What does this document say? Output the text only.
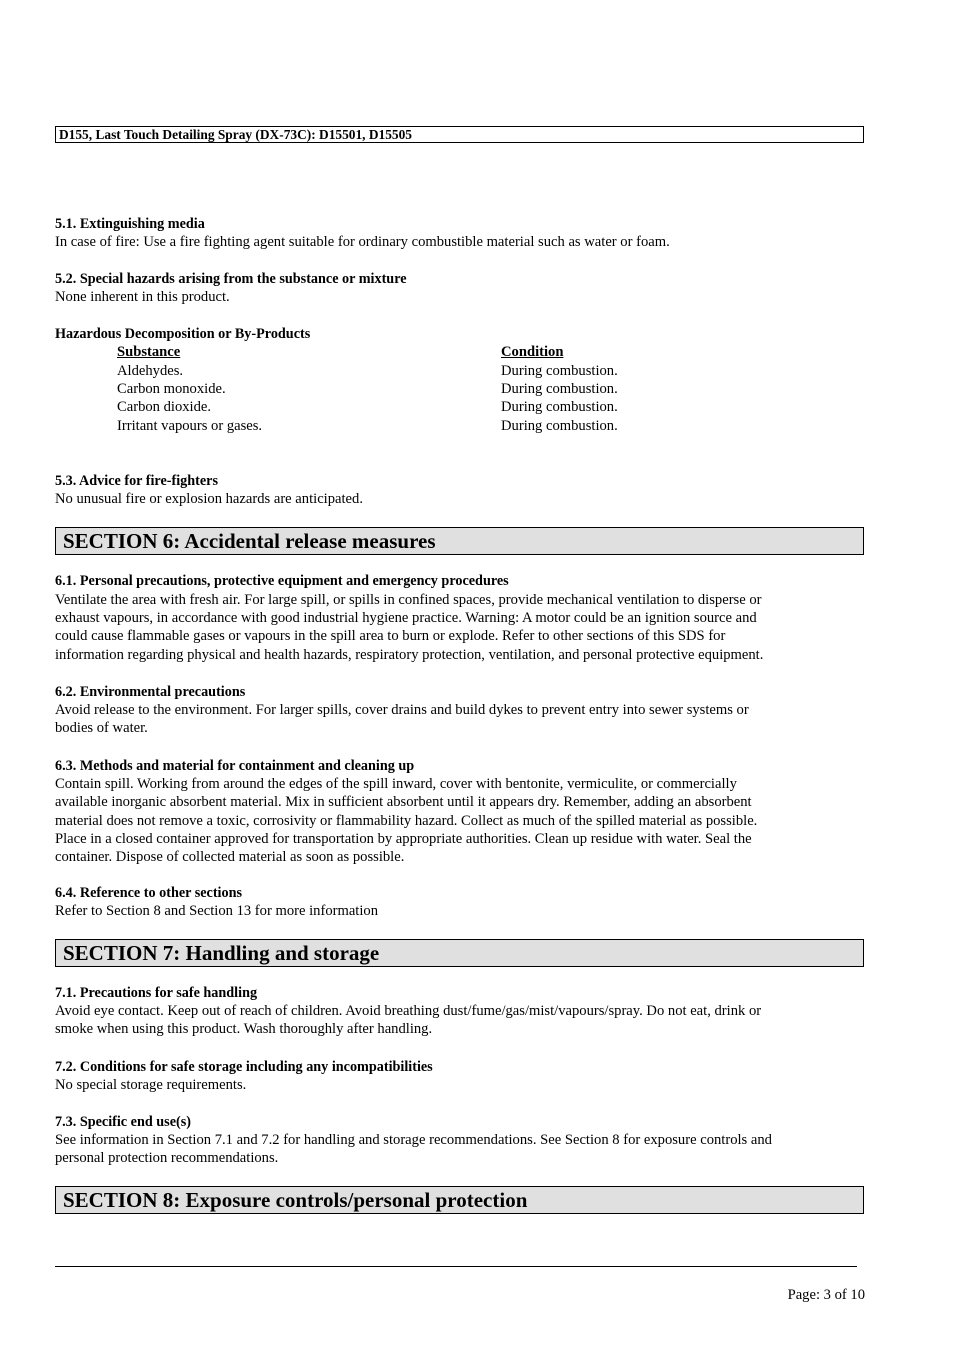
D155, Last Touch Detailing Spray (DX-73C): D15501, D15505
5.1. Extinguishing media
In case of fire: Use a fire fighting agent suitable for ordinary combustible material such as water or foam.
5.2. Special hazards arising from the substance or mixture
None inherent in this product.
Hazardous Decomposition or By-Products
Substance	Condition
Aldehydes.	During combustion.
Carbon monoxide.	During combustion.
Carbon dioxide.	During combustion.
Irritant vapours or gases.	During combustion.
5.3. Advice for fire-fighters
No unusual fire or explosion hazards are anticipated.
SECTION 6: Accidental release measures
6.1. Personal precautions, protective equipment and emergency procedures
Ventilate the area with fresh air. For large spill, or spills in confined spaces, provide mechanical ventilation to disperse or
exhaust vapours, in accordance with good industrial hygiene practice. Warning: A motor could be an ignition source and
could cause flammable gases or vapours in the spill area to burn or explode. Refer to other sections of this SDS for
information regarding physical and health hazards, respiratory protection, ventilation, and personal protective equipment.
6.2. Environmental precautions
Avoid release to the environment. For larger spills, cover drains and build dykes to prevent entry into sewer systems or
bodies of water.
6.3. Methods and material for containment and cleaning up
Contain spill. Working from around the edges of the spill inward, cover with bentonite, vermiculite, or commercially
available inorganic absorbent material. Mix in sufficient absorbent until it appears dry. Remember, adding an absorbent
material does not remove a toxic, corrosivity or flammability hazard. Collect as much of the spilled material as possible.
Place in a closed container approved for transportation by appropriate authorities. Clean up residue with water. Seal the
container. Dispose of collected material as soon as possible.
6.4. Reference to other sections
Refer to Section 8 and Section 13 for more information
SECTION 7: Handling and storage
7.1. Precautions for safe handling
Avoid eye contact. Keep out of reach of children. Avoid breathing dust/fume/gas/mist/vapours/spray. Do not eat, drink or
smoke when using this product. Wash thoroughly after handling.
7.2. Conditions for safe storage including any incompatibilities
No special storage requirements.
7.3. Specific end use(s)
See information in Section 7.1 and 7.2 for handling and storage recommendations. See Section 8 for exposure controls and
personal protection recommendations.
SECTION 8: Exposure controls/personal protection
Page: 3 of 10
